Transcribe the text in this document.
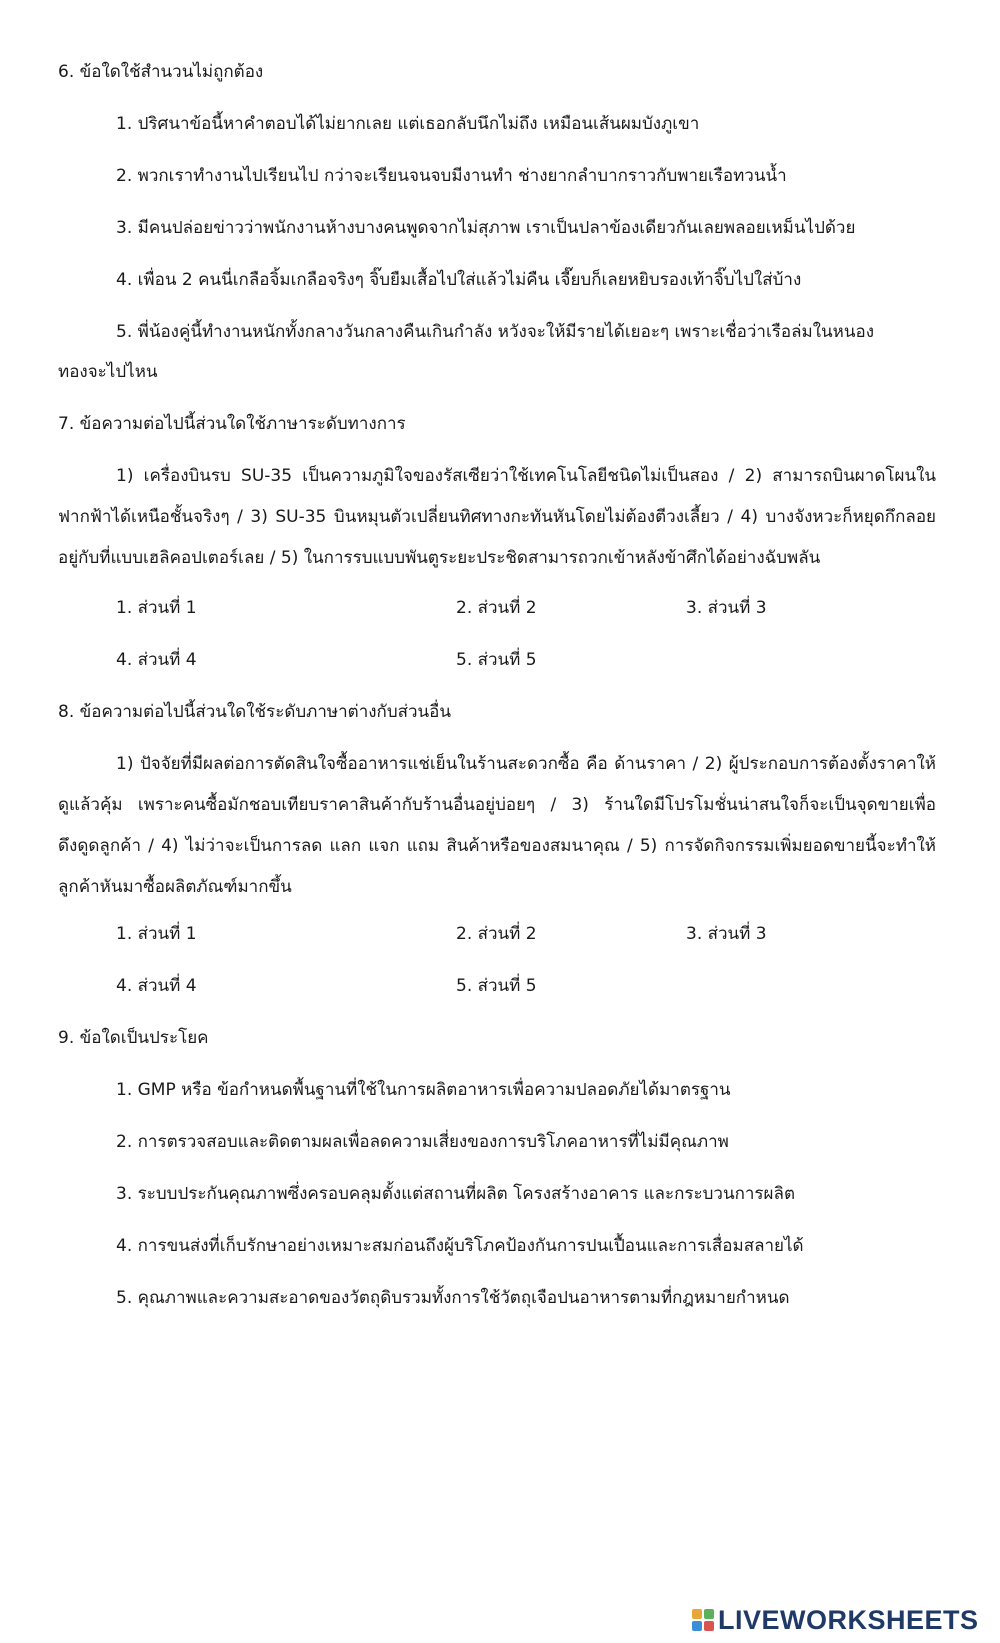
6. ข้อใดใช้สำนวนไม่ถูกต้อง
1. ปริศนาข้อนี้หาคำตอบได้ไม่ยากเลย แต่เธอกลับนึกไม่ถึง เหมือนเส้นผมบังภูเขา
2. พวกเราทำงานไปเรียนไป กว่าจะเรียนจนจบมีงานทำ ช่างยากลำบากราวกับพายเรือทวนน้ำ
3. มีคนปล่อยข่าวว่าพนักงานห้างบางคนพูดจากไม่สุภาพ เราเป็นปลาข้องเดียวกันเลยพลอยเหม็นไปด้วย
4. เพื่อน 2 คนนี่เกลือจิ้มเกลือจริงๆ จิ๊บยืมเสื้อไปใส่แล้วไม่คืน เจี๊ยบก็เลยหยิบรองเท้าจิ๊บไปใส่บ้าง
5. พี่น้องคู่นี้ทำงานหนักทั้งกลางวันกลางคืนเกินกำลัง หวังจะให้มีรายได้เยอะๆ เพราะเชื่อว่าเรือล่มในหนอง
ทองจะไปไหน
7. ข้อความต่อไปนี้ส่วนใดใช้ภาษาระดับทางการ
1) เครื่องบินรบ SU-35 เป็นความภูมิใจของรัสเซียว่าใช้เทคโนโลยีชนิดไม่เป็นสอง / 2) สามารถบินผาดโผนในฟากฟ้าได้เหนือชั้นจริงๆ / 3) SU-35 บินหมุนตัวเปลี่ยนทิศทางกะทันหันโดยไม่ต้องตีวงเลี้ยว / 4) บางจังหวะก็หยุดกึกลอยอยู่กับที่แบบเฮลิคอปเตอร์เลย / 5) ในการรบแบบพันตูระยะประชิดสามารถวกเข้าหลังข้าศึกได้อย่างฉับพลัน
1. ส่วนที่ 1	2. ส่วนที่ 2	3. ส่วนที่ 3
4. ส่วนที่ 4	5. ส่วนที่ 5
8. ข้อความต่อไปนี้ส่วนใดใช้ระดับภาษาต่างกับส่วนอื่น
1) ปัจจัยที่มีผลต่อการตัดสินใจซื้ออาหารแช่เย็นในร้านสะดวกซื้อ คือ ด้านราคา / 2) ผู้ประกอบการต้องตั้งราคาให้ดูแล้วคุ้ม เพราะคนซื้อมักชอบเทียบราคาสินค้ากับร้านอื่นอยู่บ่อยๆ / 3) ร้านใดมีโปรโมชั่นน่าสนใจก็จะเป็นจุดขายเพื่อดึงดูดลูกค้า / 4) ไม่ว่าจะเป็นการลด แลก แจก แถม สินค้าหรือของสมนาคุณ / 5) การจัดกิจกรรมเพิ่มยอดขายนี้จะทำให้ลูกค้าหันมาซื้อผลิตภัณฑ์มากขึ้น
1. ส่วนที่ 1	2. ส่วนที่ 2	3. ส่วนที่ 3
4. ส่วนที่ 4	5. ส่วนที่ 5
9. ข้อใดเป็นประโยค
1. GMP หรือ ข้อกำหนดพื้นฐานที่ใช้ในการผลิตอาหารเพื่อความปลอดภัยได้มาตรฐาน
2. การตรวจสอบและติดตามผลเพื่อลดความเสี่ยงของการบริโภคอาหารที่ไม่มีคุณภาพ
3. ระบบประกันคุณภาพซึ่งครอบคลุมตั้งแต่สถานที่ผลิต โครงสร้างอาคาร และกระบวนการผลิต
4. การขนส่งที่เก็บรักษาอย่างเหมาะสมก่อนถึงผู้บริโภคป้องกันการปนเปื้อนและการเสื่อมสลายได้
5. คุณภาพและความสะอาดของวัตถุดิบรวมทั้งการใช้วัตถุเจือปนอาหารตามที่กฎหมายกำหนด
LIVEWORKSHEETS
